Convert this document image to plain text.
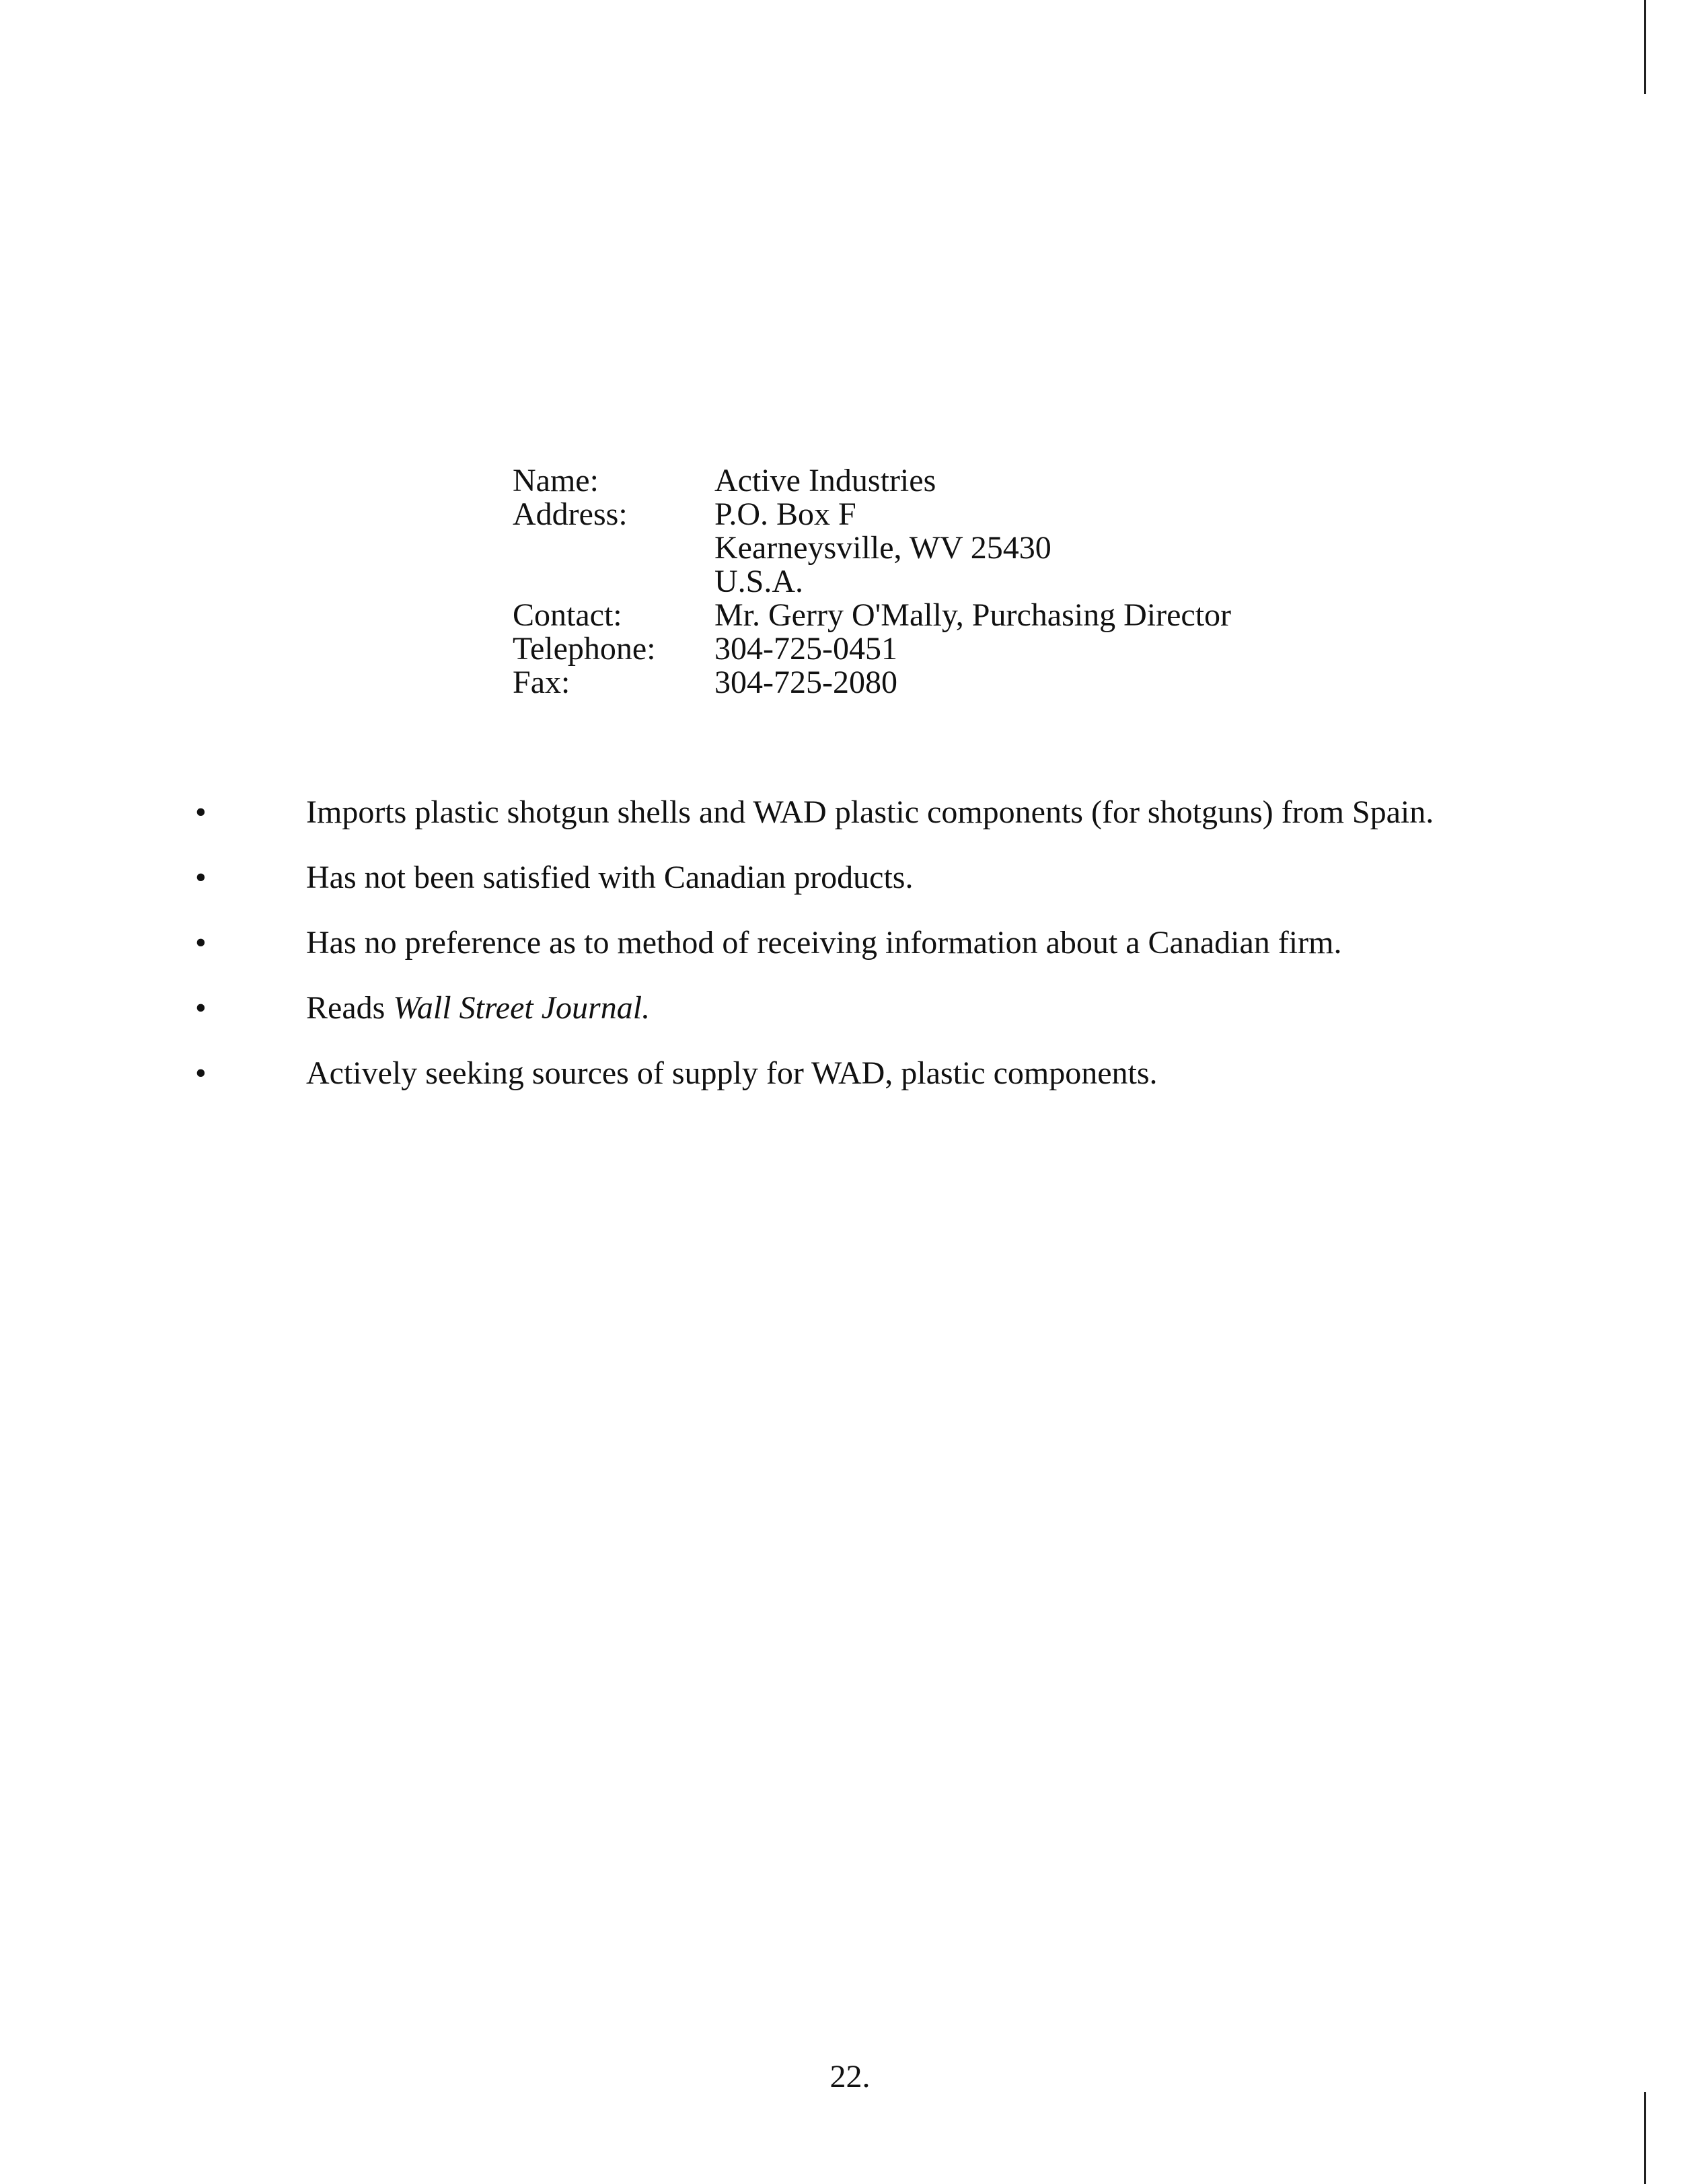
Name:	Active Industries
Address:	P.O. Box F
Kearneysville, WV 25430
U.S.A.
Contact:	Mr. Gerry O'Mally, Purchasing Director
Telephone:	304-725-0451
Fax:	304-725-2080
•	Imports plastic shotgun shells and WAD plastic components (for shotguns) from Spain.
•	Has not been satisfied with Canadian products.
•	Has no preference as to method of receiving information about a Canadian firm.
•	Reads Wall Street Journal.
•	Actively seeking sources of supply for WAD, plastic components.
22.
